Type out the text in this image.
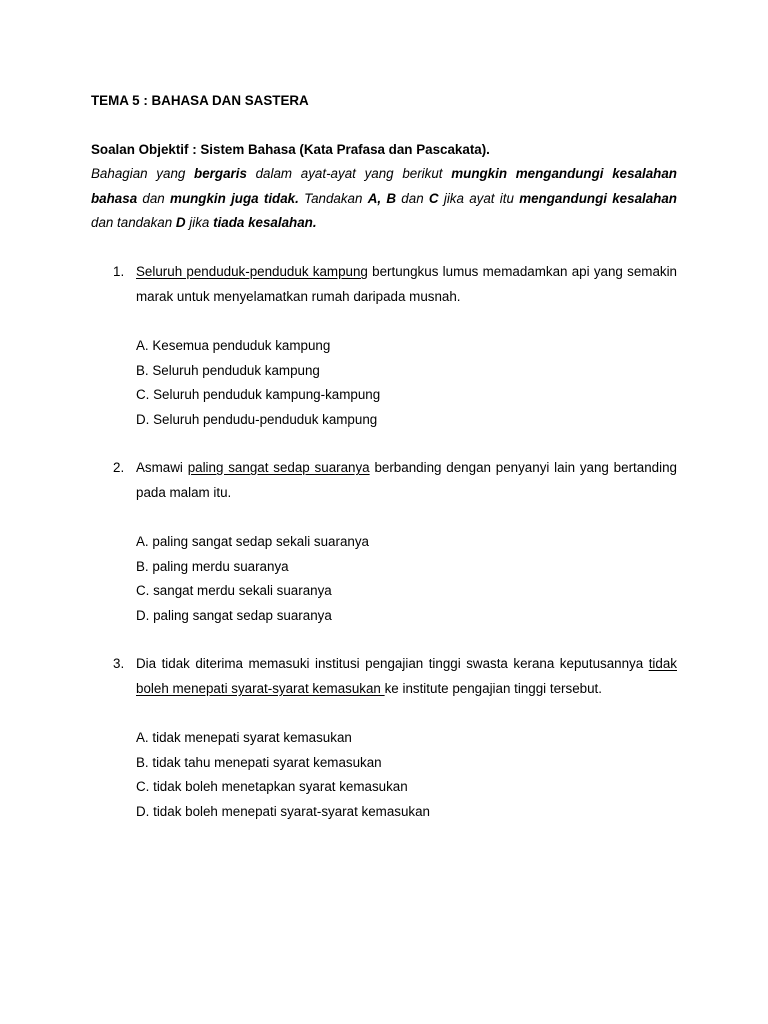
TEMA 5 : BAHASA DAN SASTERA

Soalan Objektif : Sistem Bahasa (Kata Prafasa dan Pascakata).

Bahagian yang bergaris dalam ayat-ayat yang berikut mungkin mengandungi kesalahan bahasa dan mungkin juga tidak. Tandakan A, B dan C jika ayat itu mengandungi kesalahan dan tandakan D jika tiada kesalahan.

1. Seluruh penduduk-penduduk kampung bertungkus lumus memadamkan api yang semakin marak untuk menyelamatkan rumah daripada musnah.

A. Kesemua penduduk kampung
B. Seluruh penduduk kampung
C. Seluruh penduduk kampung-kampung
D. Seluruh pendudu-penduduk kampung
2. Asmawi paling sangat sedap suaranya berbanding dengan penyanyi lain yang bertanding pada malam itu.

A. paling sangat sedap sekali suaranya
B. paling merdu suaranya
C. sangat merdu sekali suaranya
D. paling sangat sedap suaranya
3. Dia tidak diterima memasuki institusi pengajian tinggi swasta kerana keputusannya tidak boleh menepati syarat-syarat kemasukan ke institute pengajian tinggi tersebut.

A. tidak menepati syarat kemasukan
B. tidak tahu menepati syarat kemasukan
C. tidak boleh menetapkan syarat kemasukan
D. tidak boleh menepati syarat-syarat kemasukan
